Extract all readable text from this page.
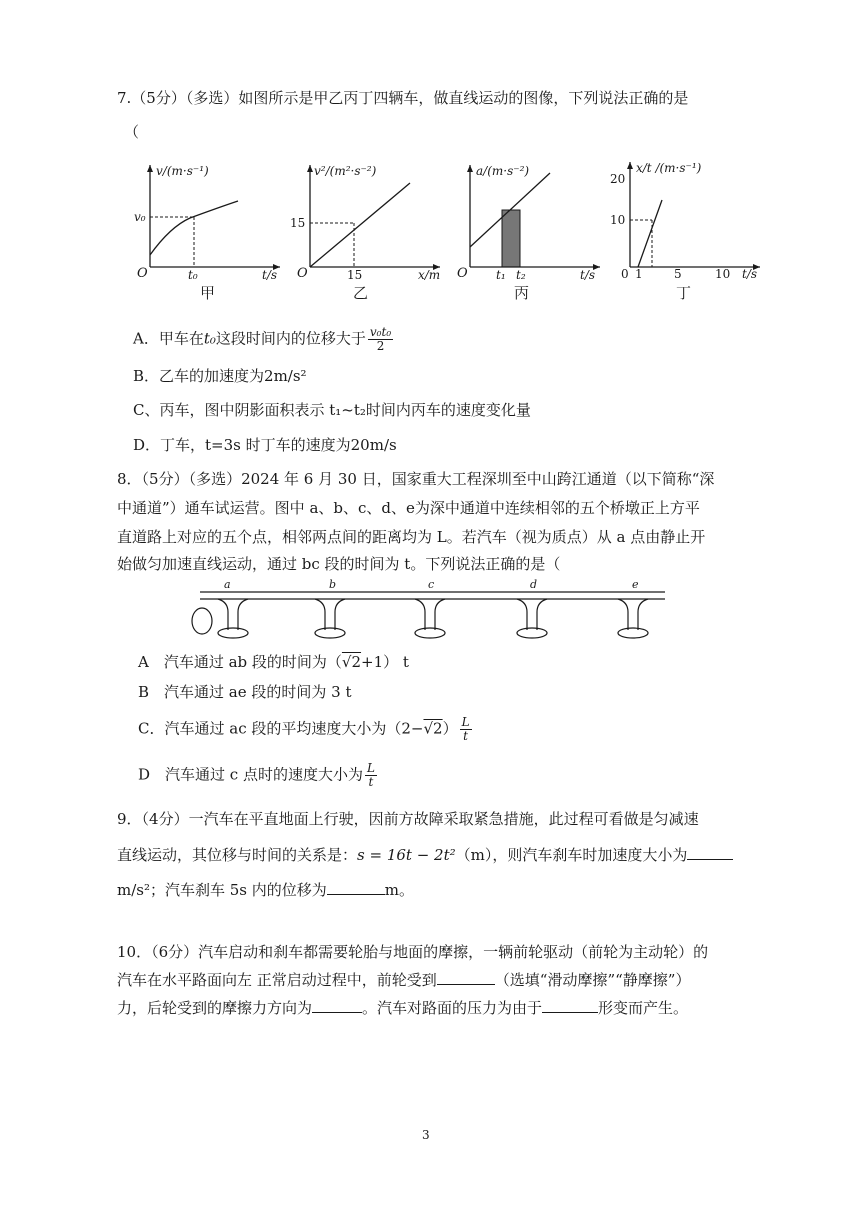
7.（5分）（多选）如图所示是甲乙丙丁四辆车，做直线运动的图像，下列说法正确的是
（
v/(m·s⁻¹)
v₀
O	t₀	t/s
甲
v²/(m²·s⁻²)
15
O	15	x/m
乙
a/(m·s⁻²)
O t₁ t₂	t/s
丙
x/t /(m·s⁻¹)
20
10
0 1	5	10 t/s
丁
A．甲车在t₀这段时间内的位移大于 $\frac{\text{v₀t₀}}{2}$
B．乙车的加速度为2m/s²
C、丙车，图中阴影面积表示 t₁~t₂时间内丙车的速度变化量
D．丁车，t=3s 时丁车的速度为20m/s
8．（5分）（多选）2024 年 6 月 30 日，国家重大工程深圳至中山跨江通道（以下简称“深
中通道”）通车试运营。图中 a、b、c、d、e为深中通道中连续相邻的五个桥墩正上方平
直道路上对应的五个点，相邻两点间的距离均为 L。若汽车（视为质点）从 a 点由静止开
始做匀加速直线运动，通过 bc 段的时间为 t。下列说法正确的是（
a	b	c	d	e
A　汽车通过 ab 段的时间为（√2+1） t
B　汽车通过 ae 段的时间为 3 t
C．汽车通过 ac 段的平均速度大小为$(2-√2) \frac{L}{t}$
D　汽车通过 c 点时的速度大小为 $\frac{L}{t}$
9．（4分）一汽车在平直地面上行驶，因前方故障采取紧急措施，此过程可看做是匀减速
直线运动，其位移与时间的关系是：s = 16t − 2t²（m），则汽车刹车时加速度大小为
m/s²；汽车刹车 5s 内的位移为	m。
10．（6分）汽车启动和刹车都需要轮胎与地面的摩擦，一辆前轮驱动（前轮为主动轮）的
汽车在水平路面向左 正常启动过程中，前轮受到	（选填“滑动摩擦”“静摩擦”）
力，后轮受到的摩擦力方向为	。汽车对路面的压力为由于	形变而产生。
3
